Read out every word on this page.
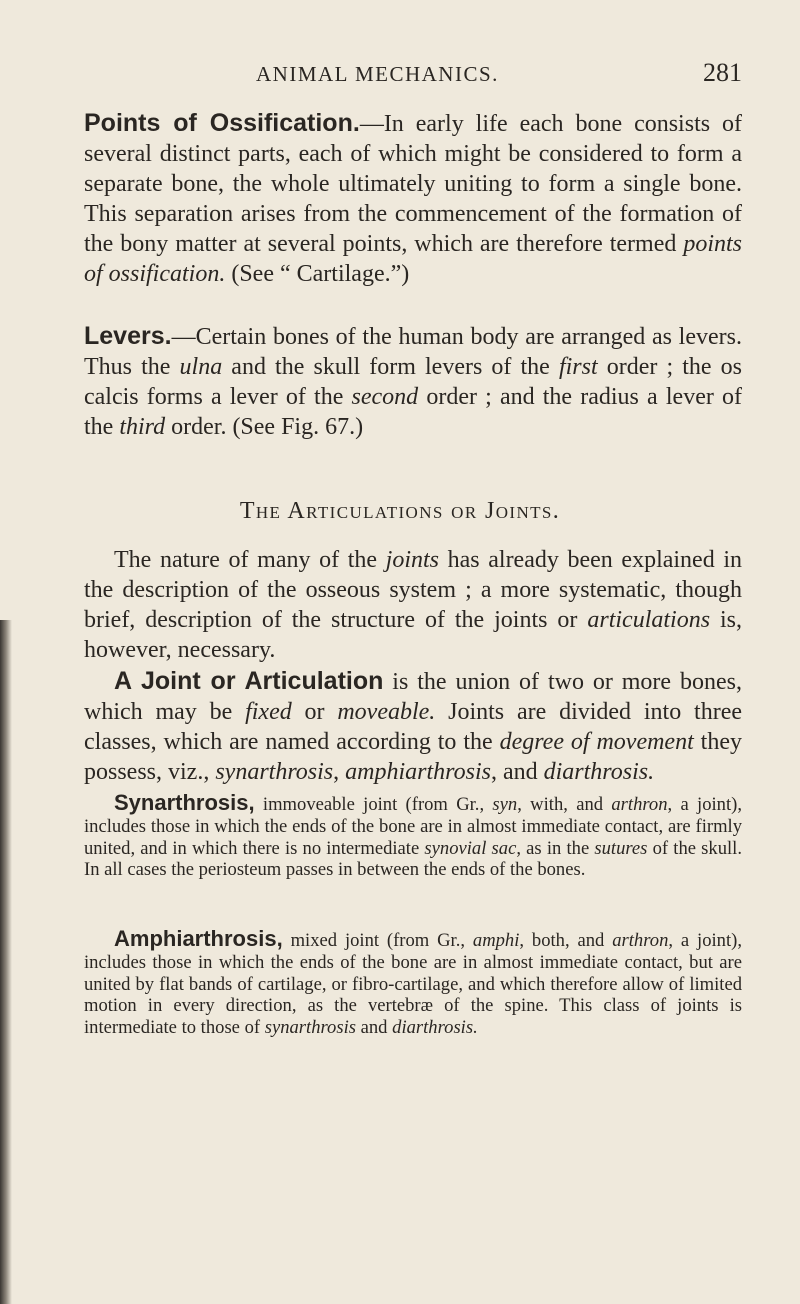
ANIMAL MECHANICS.	281

Points of Ossification.—In early life each bone consists of several distinct parts, each of which might be considered to form a separate bone, the whole ultimately uniting to form a single bone. This separation arises from the commencement of the formation of the bony matter at several points, which are therefore termed points of ossification. (See “ Cartilage.”)

Levers.—Certain bones of the human body are arranged as levers. Thus the ulna and the skull form levers of the first order ; the os calcis forms a lever of the second order ; and the radius a lever of the third order. (See Fig. 67.)

The Articulations or Joints.

The nature of many of the joints has already been explained in the description of the osseous system ; a more systematic, though brief, description of the structure of the joints or articulations is, however, necessary.

A Joint or Articulation is the union of two or more bones, which may be fixed or moveable. Joints are divided into three classes, which are named according to the degree of movement they possess, viz., synarthrosis, amphiarthrosis, and diarthrosis.

Synarthrosis, immoveable joint (from Gr., syn, with, and arthron, a joint), includes those in which the ends of the bone are in almost immediate contact, are firmly united, and in which there is no intermediate synovial sac, as in the sutures of the skull. In all cases the periosteum passes in between the ends of the bones.

Amphiarthrosis, mixed joint (from Gr., amphi, both, and arthron, a joint), includes those in which the ends of the bone are in almost immediate contact, but are united by flat bands of cartilage, or fibro-cartilage, and which therefore allow of limited motion in every direction, as the vertebræ of the spine. This class of joints is intermediate to those of synarthrosis and diarthrosis.
